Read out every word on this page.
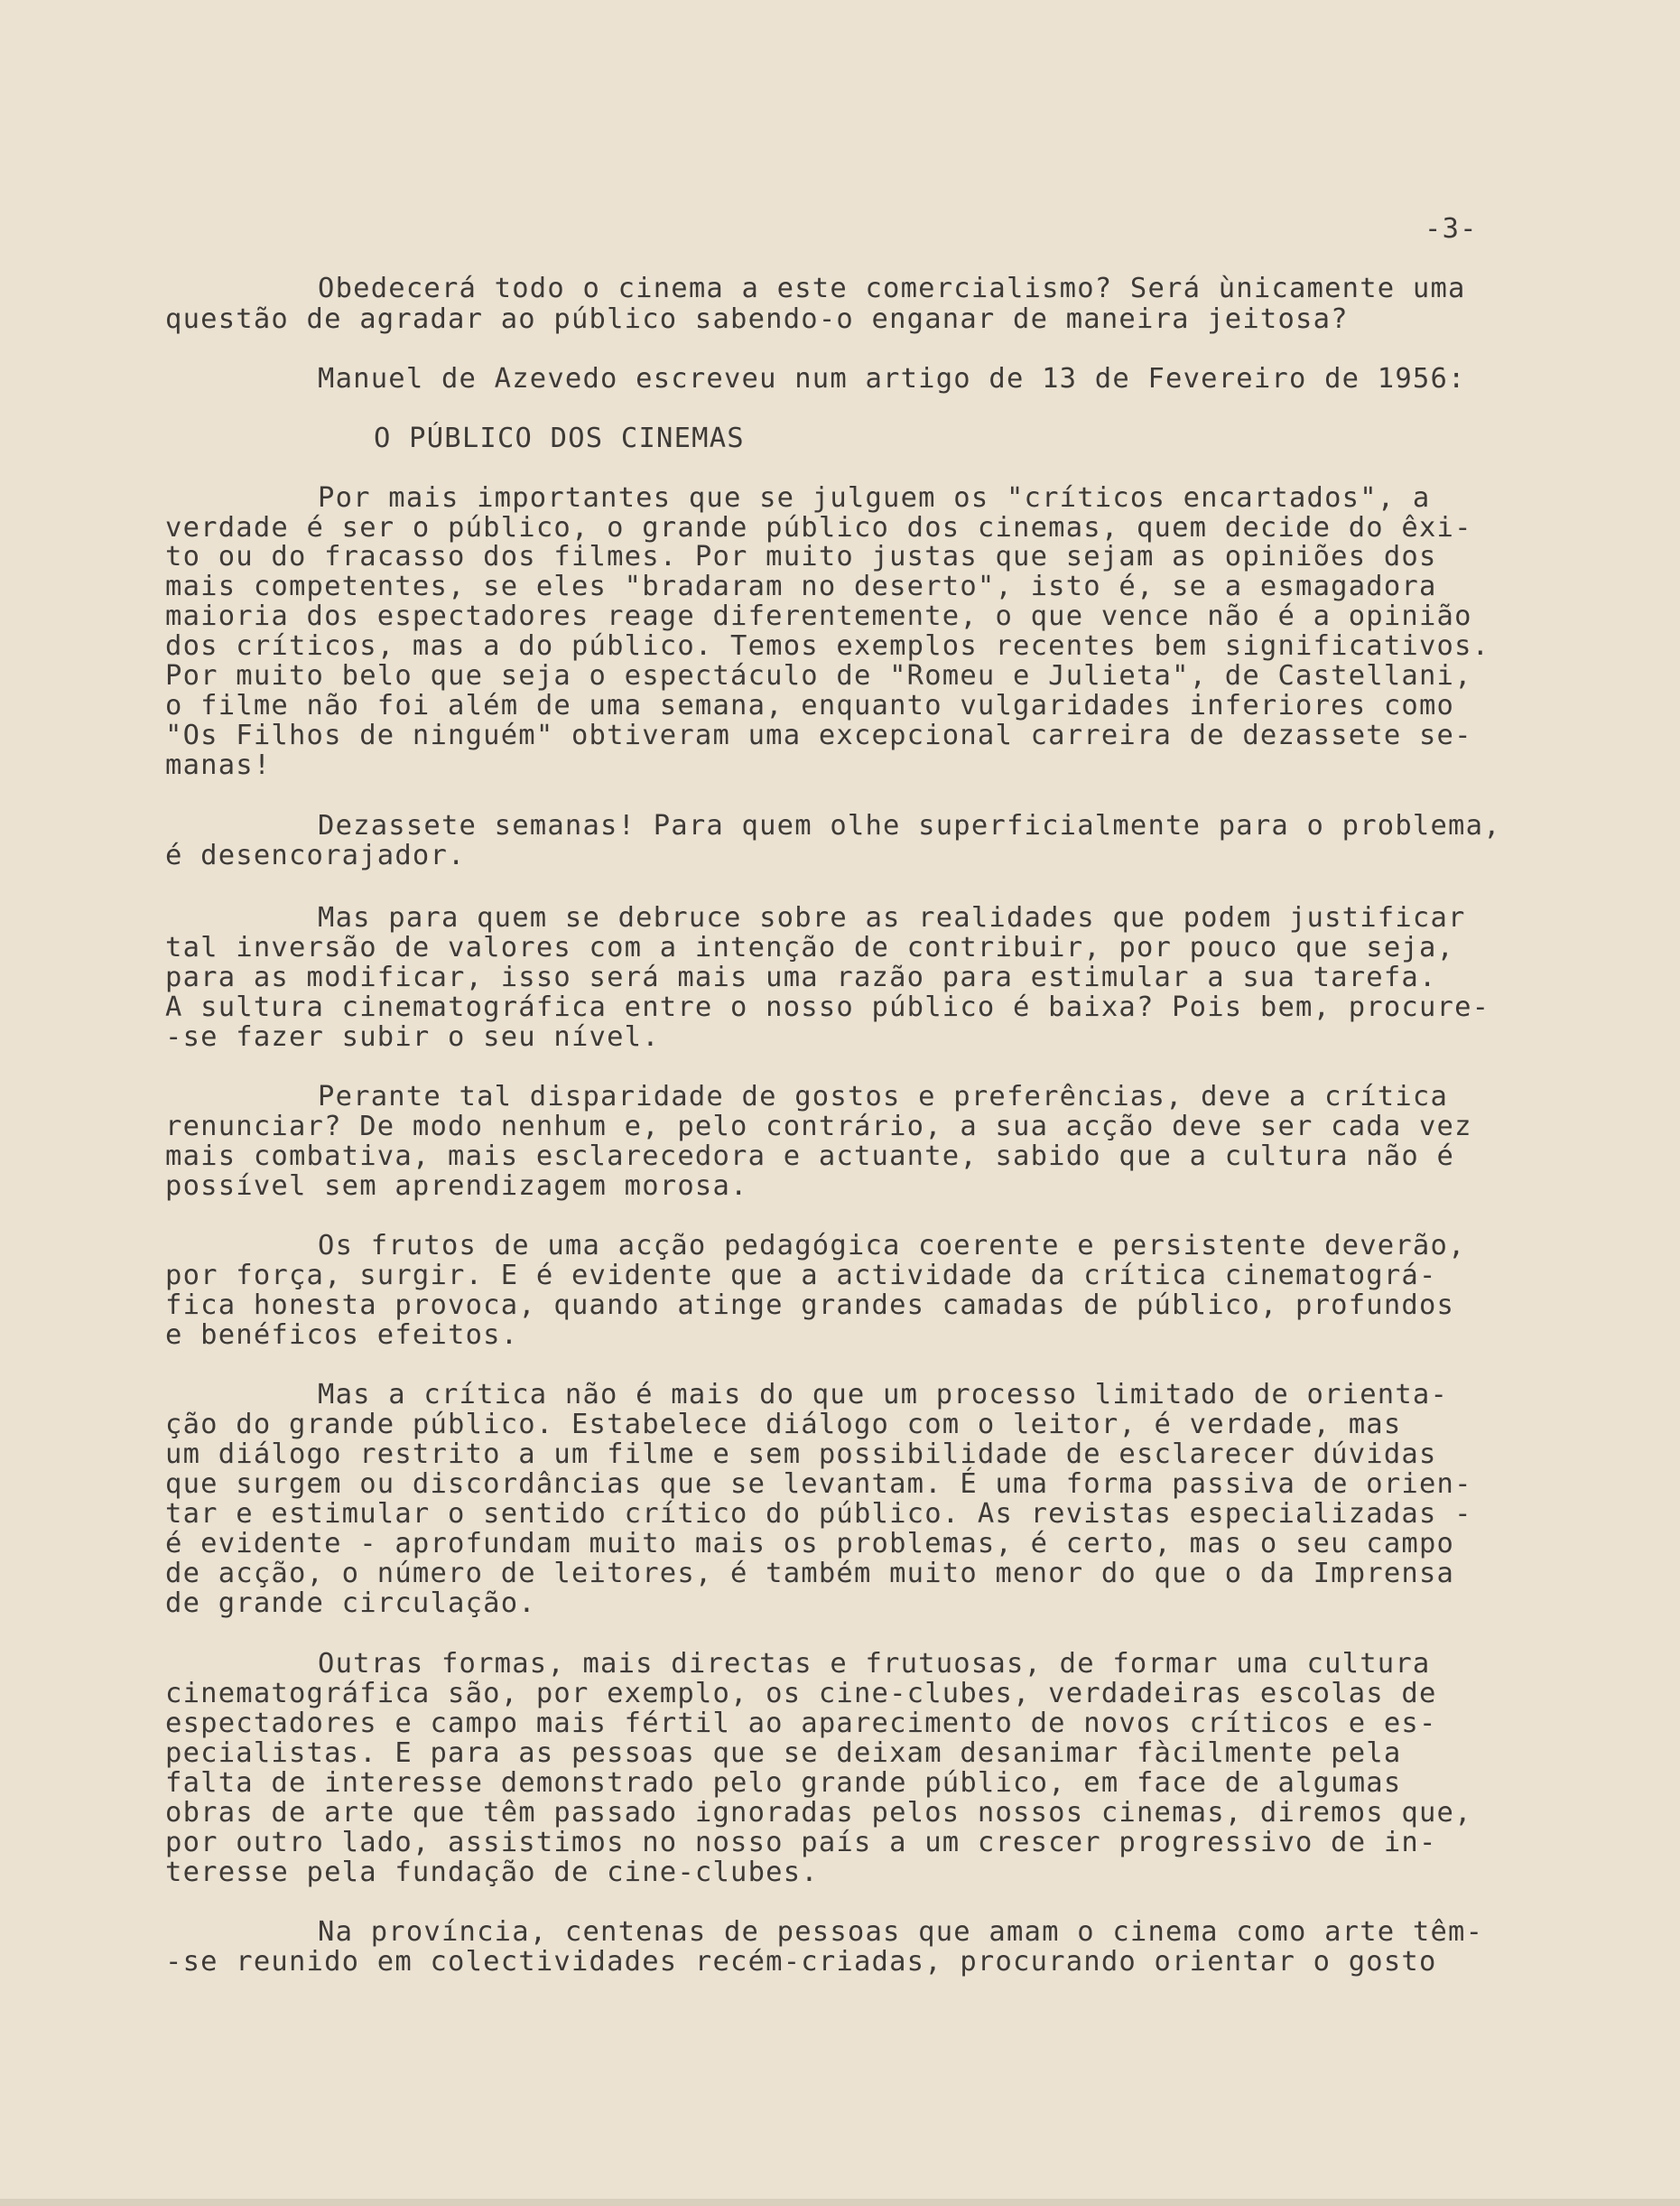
-3-
Obedecerá todo o cinema a este comercialismo? Será ùnicamente uma
questão de agradar ao público sabendo-o enganar de maneira jeitosa?
Manuel de Azevedo escreveu num artigo de 13 de Fevereiro de 1956:
O PÚBLICO DOS CINEMAS
Por mais importantes que se julguem os "críticos encartados", a
verdade é ser o público, o grande público dos cinemas, quem decide do êxi-
to ou do fracasso dos filmes. Por muito justas que sejam as opiniões dos
mais competentes, se eles "bradaram no deserto", isto é, se a esmagadora
maioria dos espectadores reage diferentemente, o que vence não é a opinião
dos críticos, mas a do público. Temos exemplos recentes bem significativos.
Por muito belo que seja o espectáculo de "Romeu e Julieta", de Castellani,
o filme não foi além de uma semana, enquanto vulgaridades inferiores como
"Os Filhos de ninguém" obtiveram uma excepcional carreira de dezassete se-
manas!
Dezassete semanas! Para quem olhe superficialmente para o problema,
é desencorajador.
Mas para quem se debruce sobre as realidades que podem justificar
tal inversão de valores com a intenção de contribuir, por pouco que seja,
para as modificar, isso será mais uma razão para estimular a sua tarefa.
A sultura cinematográfica entre o nosso público é baixa? Pois bem, procure-
-se fazer subir o seu nível.
Perante tal disparidade de gostos e preferências, deve a crítica
renunciar? De modo nenhum e, pelo contrário, a sua acção deve ser cada vez
mais combativa, mais esclarecedora e actuante, sabido que a cultura não é
possível sem aprendizagem morosa.
Os frutos de uma acção pedagógica coerente e persistente deverão,
por força, surgir. E é evidente que a actividade da crítica cinematográ-
fica honesta provoca, quando atinge grandes camadas de público, profundos
e benéficos efeitos.
Mas a crítica não é mais do que um processo limitado de orienta-
ção do grande público. Estabelece diálogo com o leitor, é verdade, mas
um diálogo restrito a um filme e sem possibilidade de esclarecer dúvidas
que surgem ou discordâncias que se levantam. É uma forma passiva de orien-
tar e estimular o sentido crítico do público. As revistas especializadas -
é evidente - aprofundam muito mais os problemas, é certo, mas o seu campo
de acção, o número de leitores, é também muito menor do que o da Imprensa
de grande circulação.
Outras formas, mais directas e frutuosas, de formar uma cultura
cinematográfica são, por exemplo, os cine-clubes, verdadeiras escolas de
espectadores e campo mais fértil ao aparecimento de novos críticos e es-
pecialistas. E para as pessoas que se deixam desanimar fàcilmente pela
falta de interesse demonstrado pelo grande público, em face de algumas
obras de arte que têm passado ignoradas pelos nossos cinemas, diremos que,
por outro lado, assistimos no nosso país a um crescer progressivo de in-
teresse pela fundação de cine-clubes.
Na província, centenas de pessoas que amam o cinema como arte têm-
-se reunido em colectividades recém-criadas, procurando orientar o gosto
